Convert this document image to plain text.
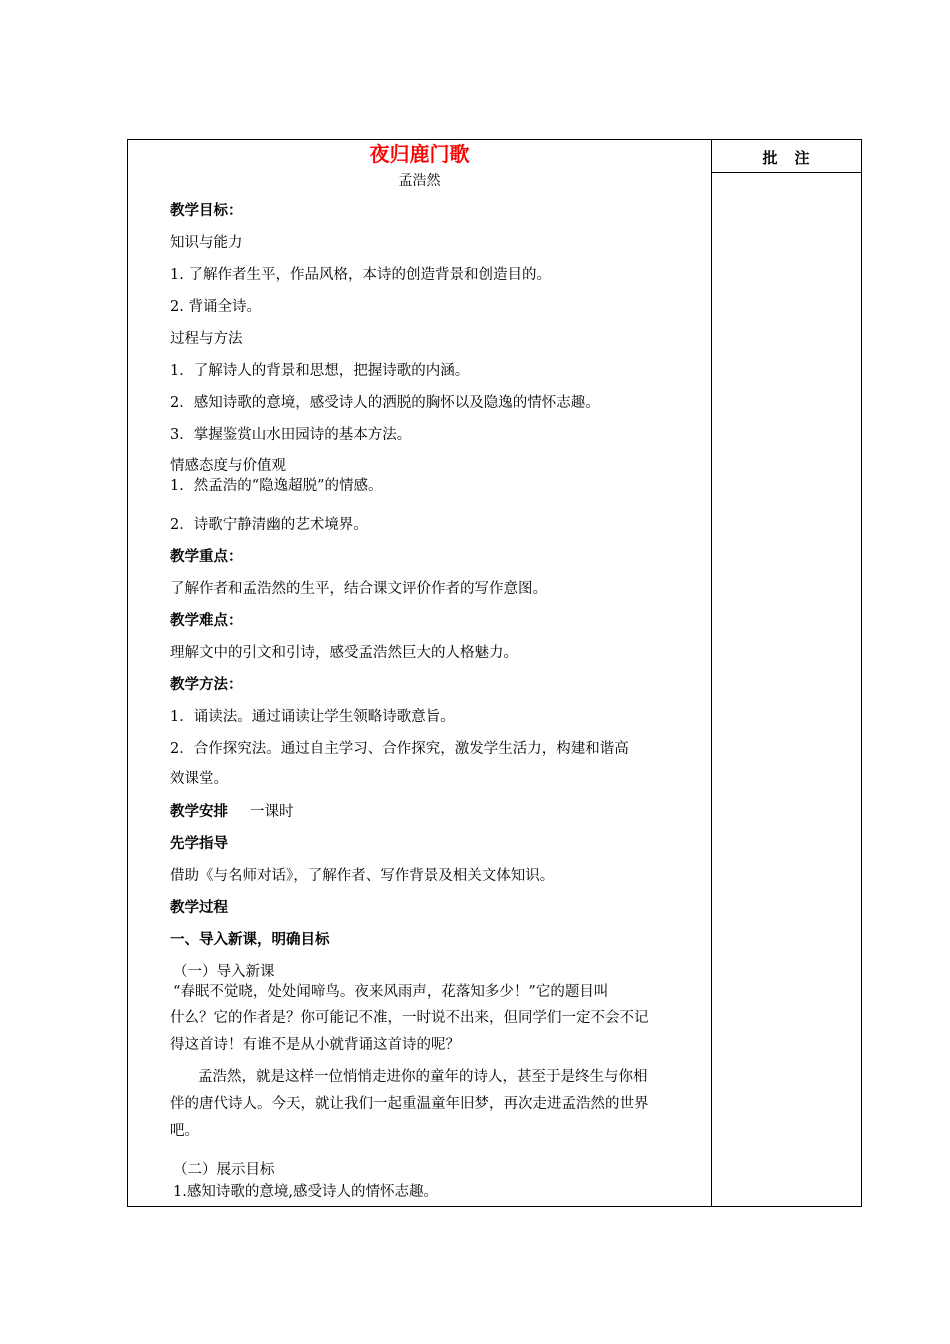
批　注
夜归鹿门歌
孟浩然
教学目标：
知识与能力
1. 了解作者生平，作品风格，本诗的创造背景和创造目的。
2. 背诵全诗。
过程与方法
1．了解诗人的背景和思想，把握诗歌的内涵。
2．感知诗歌的意境，感受诗人的洒脱的胸怀以及隐逸的情怀志趣。
3．掌握鉴赏山水田园诗的基本方法。
情感态度与价值观
1．然孟浩的“隐逸超脱”的情感。
2．诗歌宁静清幽的艺术境界。
教学重点：
了解作者和孟浩然的生平，结合课文评价作者的写作意图。
教学难点：
理解文中的引文和引诗，感受孟浩然巨大的人格魅力。
教学方法：
1．诵读法。通过诵读让学生领略诗歌意旨。
2．合作探究法。通过自主学习、合作探究，激发学生活力，构建和谐高
效课堂。
教学安排 一课时
先学指导
借助《与名师对话》，了解作者、写作背景及相关文体知识。
教学过程
一、导入新课，明确目标
（一）导入新课
“春眠不觉晓，处处闻啼鸟。夜来风雨声，花落知多少！”它的题目叫
什么？它的作者是？你可能记不准，一时说不出来，但同学们一定不会不记
得这首诗！有谁不是从小就背诵这首诗的呢？
孟浩然，就是这样一位悄悄走进你的童年的诗人，甚至于是终生与你相
伴的唐代诗人。今天，就让我们一起重温童年旧梦，再次走进孟浩然的世界
吧。
（二）展示目标
1.感知诗歌的意境,感受诗人的情怀志趣。
